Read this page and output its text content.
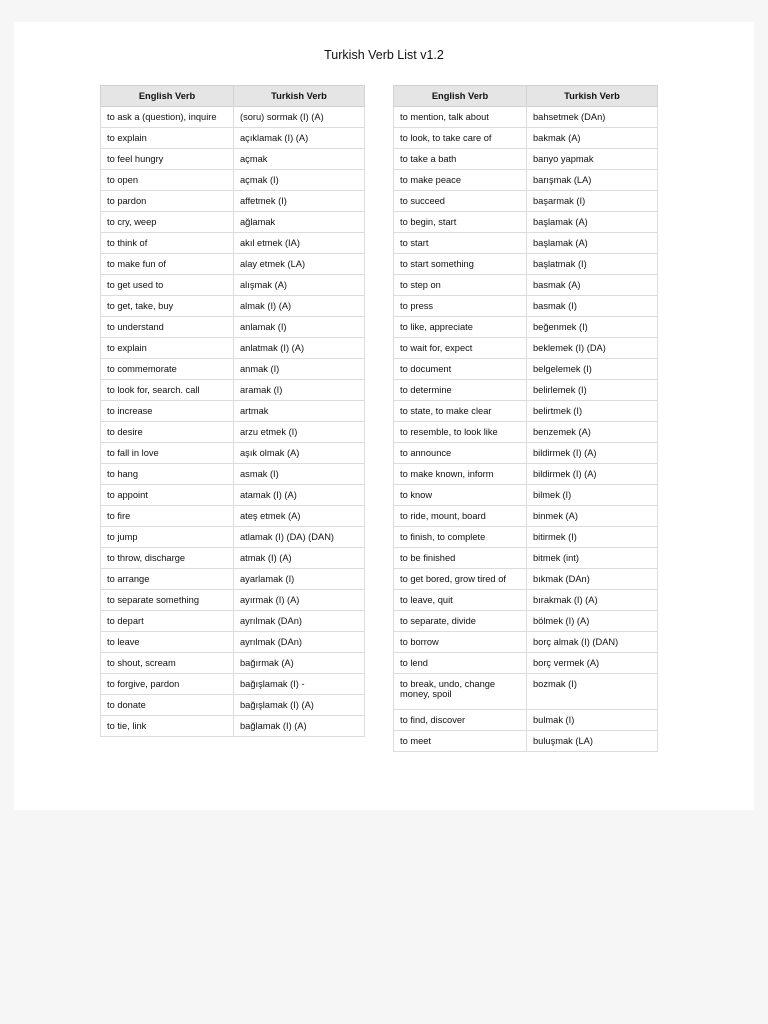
Turkish Verb List v1.2
English Verb	Turkish Verb
to ask a (question), inquire	(soru) sormak (I) (A)
to explain	açıklamak (I) (A)
to feel hungry	açmak
to open	açmak (I)
to pardon	affetmek (I)
to cry, weep	ağlamak
to think of	akıl etmek (IA)
to make fun of	alay etmek (LA)
to get used to	alışmak (A)
to get, take, buy	almak (I) (A)
to understand	anlamak (I)
to explain	anlatmak (I) (A)
to commemorate	anmak (I)
to look for, search. call	aramak (I)
to increase	artmak
to desire	arzu etmek (I)
to fall in love	aşık olmak (A)
to hang	asmak (I)
to appoint	atamak (I) (A)
to fire	ateş etmek (A)
to jump	atlamak (I) (DA) (DAN)
to throw, discharge	atmak (I) (A)
to arrange	ayarlamak (I)
to separate something	ayırmak (I) (A)
to depart	ayrılmak (DAn)
to leave	ayrılmak (DAn)
to shout, scream	bağırmak (A)
to forgive, pardon	bağışlamak (I) -
to donate	bağışlamak (I) (A)
to tie, link	bağlamak (I) (A)
English Verb	Turkish Verb
to mention, talk about	bahsetmek (DAn)
to look, to take care of	bakmak (A)
to take a bath	banyo yapmak
to make peace	barışmak (LA)
to succeed	başarmak (I)
to begin, start	başlamak (A)
to start	başlamak (A)
to start something	başlatmak (I)
to step on	basmak (A)
to press	basmak (I)
to like, appreciate	beğenmek (I)
to wait for, expect	beklemek (I) (DA)
to document	belgelemek (I)
to determine	belirlemek (I)
to state, to make clear	belirtmek (I)
to resemble, to look like	benzemek (A)
to announce	bildirmek (I) (A)
to make known, inform	bildirmek (I) (A)
to know	bilmek (I)
to ride, mount, board	binmek (A)
to finish, to complete	bitirmek (I)
to be finished	bitmek (int)
to get bored, grow tired of	bıkmak (DAn)
to leave, quit	bırakmak (I) (A)
to separate, divide	bölmek (I) (A)
to borrow	borç almak (I) (DAN)
to lend	borç vermek (A)
to break, undo, change money, spoil	bozmak (I)
to find, discover	bulmak (I)
to meet	buluşmak (LA)
